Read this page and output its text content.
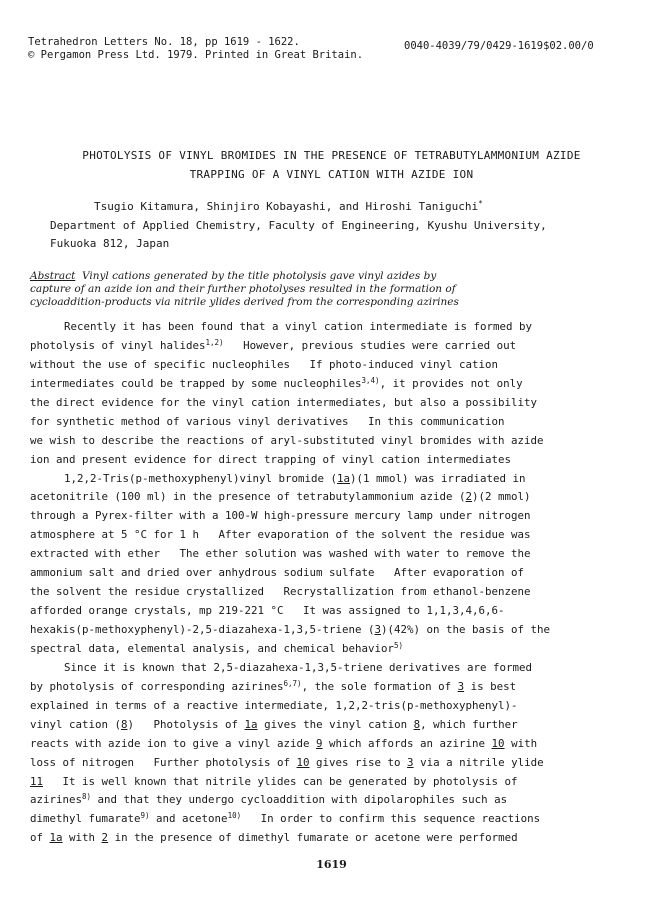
Tetrahedron Letters No. 18, pp 1619 - 1622.
© Pergamon Press Ltd. 1979. Printed in Great Britain.
0040-4039/79/0429-1619$02.00/0
PHOTOLYSIS OF VINYL BROMIDES IN THE PRESENCE OF TETRABUTYLAMMONIUM AZIDE
TRAPPING OF A VINYL CATION WITH AZIDE ION
Tsugio Kitamura, Shinjiro Kobayashi, and Hiroshi Taniguchi*
Department of Applied Chemistry, Faculty of Engineering, Kyushu University,
Fukuoka 812, Japan
Abstract  Vinyl cations generated by the title photolysis gave vinyl azides by
capture of an azide ion and their further photolyses resulted in the formation of
cycloaddition-products via nitrile ylides derived from the corresponding azirines
Recently it has been found that a vinyl cation intermediate is formed by
photolysis of vinyl halides$^{1,2)}$   However, previous studies were carried out
without the use of specific nucleophiles   If photo-induced vinyl cation
intermediates could be trapped by some nucleophiles$^{3,4)}$, it provides not only
the direct evidence for the vinyl cation intermediates, but also a possibility
for synthetic method of various vinyl derivatives   In this communication
we wish to describe the reactions of aryl-substituted vinyl bromides with azide
ion and present evidence for direct trapping of vinyl cation intermediates
1,2,2-Tris(p-methoxyphenyl)vinyl bromide (1a)(1 mmol) was irradiated in
acetonitrile (100 ml) in the presence of tetrabutylammonium azide (2)(2 mmol)
through a Pyrex-filter with a 100-W high-pressure mercury lamp under nitrogen
atmosphere at 5 °C for 1 h   After evaporation of the solvent the residue was
extracted with ether   The ether solution was washed with water to remove the
ammonium salt and dried over anhydrous sodium sulfate   After evaporation of
the solvent the residue crystallized   Recrystallization from ethanol-benzene
afforded orange crystals, mp 219-221 °C   It was assigned to 1,1,3,4,6,6-
hexakis(p-methoxyphenyl)-2,5-diazahexa-1,3,5-triene (3)(42%) on the basis of the
spectral data, elemental analysis, and chemical behavior$^{5)}$
Since it is known that 2,5-diazahexa-1,3,5-triene derivatives are formed
by photolysis of corresponding azirines$^{6,7)}$, the sole formation of 3 is best
explained in terms of a reactive intermediate, 1,2,2-tris(p-methoxyphenyl)-
vinyl cation (8)   Photolysis of 1a gives the vinyl cation 8, which further
reacts with azide ion to give a vinyl azide 9 which affords an azirine 10 with
loss of nitrogen   Further photolysis of 10 gives rise to 3 via a nitrile ylide
11   It is well known that nitrile ylides can be generated by photolysis of
azirines$^{8)}$ and that they undergo cycloaddition with dipolarophiles such as
dimethyl fumarate$^{9)}$ and acetone$^{10)}$   In order to confirm this sequence reactions
of 1a with 2 in the presence of dimethyl fumarate or acetone were performed
1619
